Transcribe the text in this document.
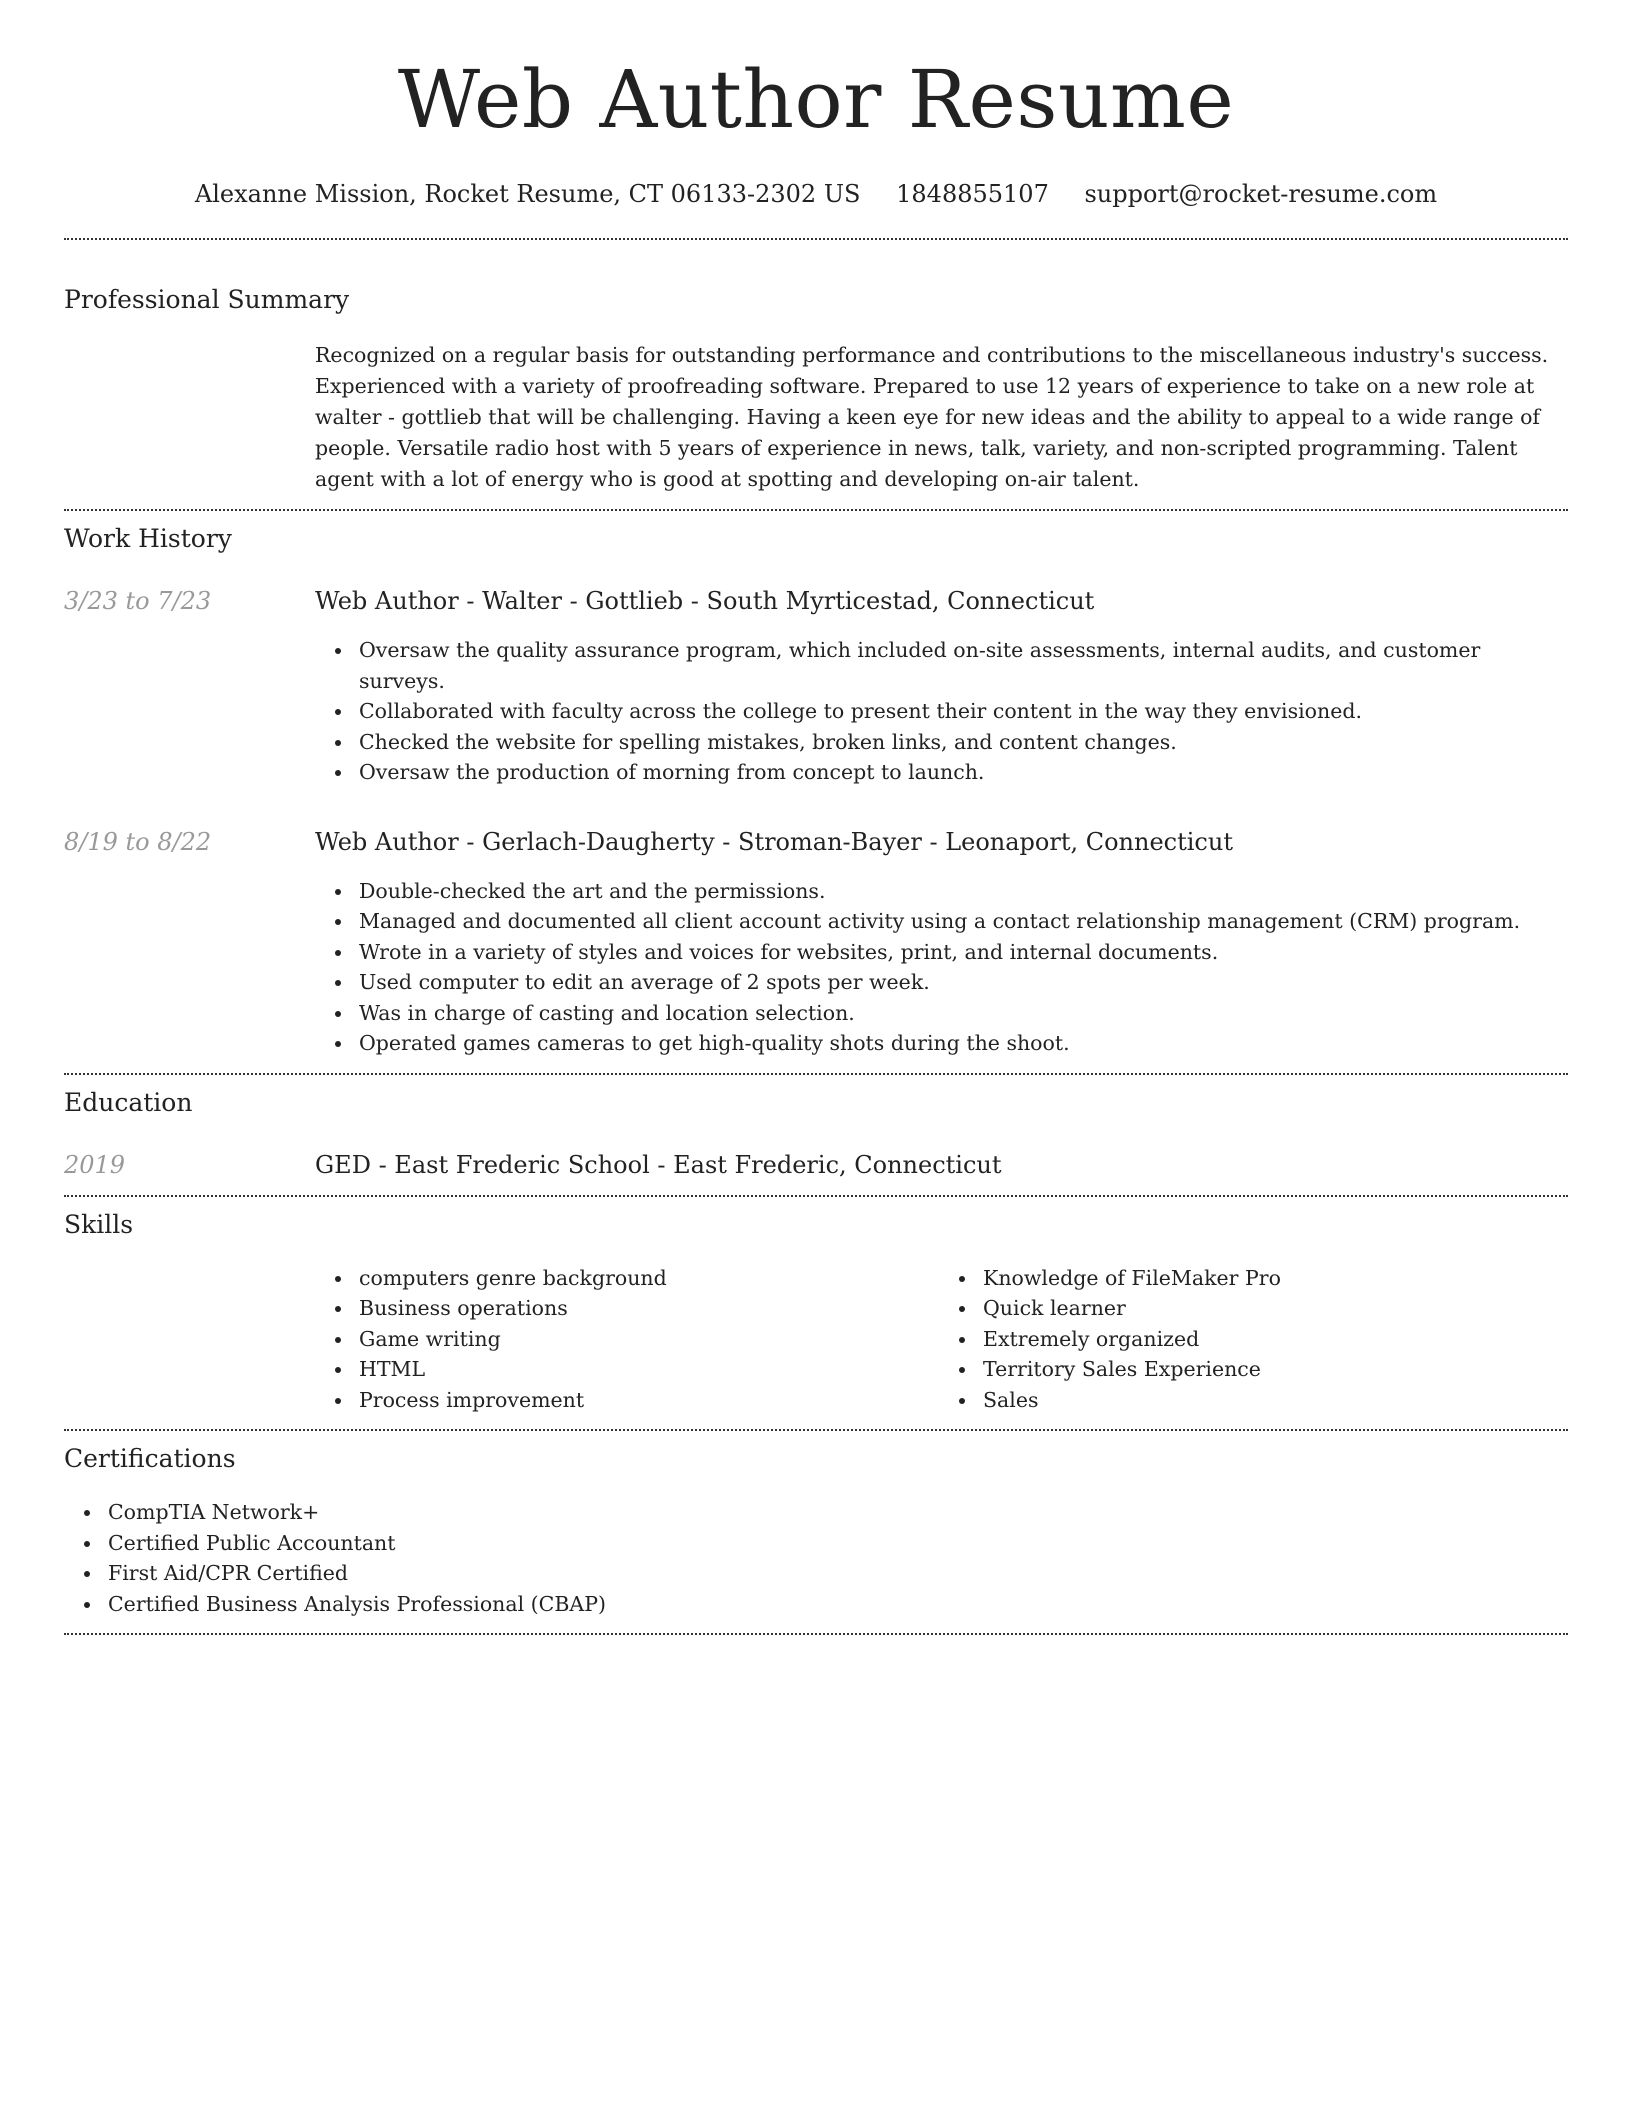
Web Author Resume
Alexanne Mission, Rocket Resume, CT 06133-2302 US 1848855107 support@rocket-resume.com
Professional Summary

Recognized on a regular basis for outstanding performance and contributions to the miscellaneous industry's success. Experienced with a variety of proofreading software. Prepared to use 12 years of experience to take on a new role at walter - gottlieb that will be challenging. Having a keen eye for new ideas and the ability to appeal to a wide range of people. Versatile radio host with 5 years of experience in news, talk, variety, and non-scripted programming. Talent agent with a lot of energy who is good at spotting and developing on-air talent.

Work History
3/23 to 7/23	Web Author - Walter - Gottlieb - South Myrticestad, Connecticut
Oversaw the quality assurance program, which included on-site assessments, internal audits, and customer surveys.
Collaborated with faculty across the college to present their content in the way they envisioned.
Checked the website for spelling mistakes, broken links, and content changes.
Oversaw the production of morning from concept to launch.
8/19 to 8/22	Web Author - Gerlach-Daugherty - Stroman-Bayer - Leonaport, Connecticut
Double-checked the art and the permissions.
Managed and documented all client account activity using a contact relationship management (CRM) program.
Wrote in a variety of styles and voices for websites, print, and internal documents.
Used computer to edit an average of 2 spots per week.
Was in charge of casting and location selection.
Operated games cameras to get high-quality shots during the shoot.
Education
2019	GED - East Frederic School - East Frederic, Connecticut
Skills
computers genre background
Business operations
Game writing
HTML
Process improvement
Knowledge of FileMaker Pro
Quick learner
Extremely organized
Territory Sales Experience
Sales
Certifications
CompTIA Network+
Certified Public Accountant
First Aid/CPR Certified
Certified Business Analysis Professional (CBAP)
